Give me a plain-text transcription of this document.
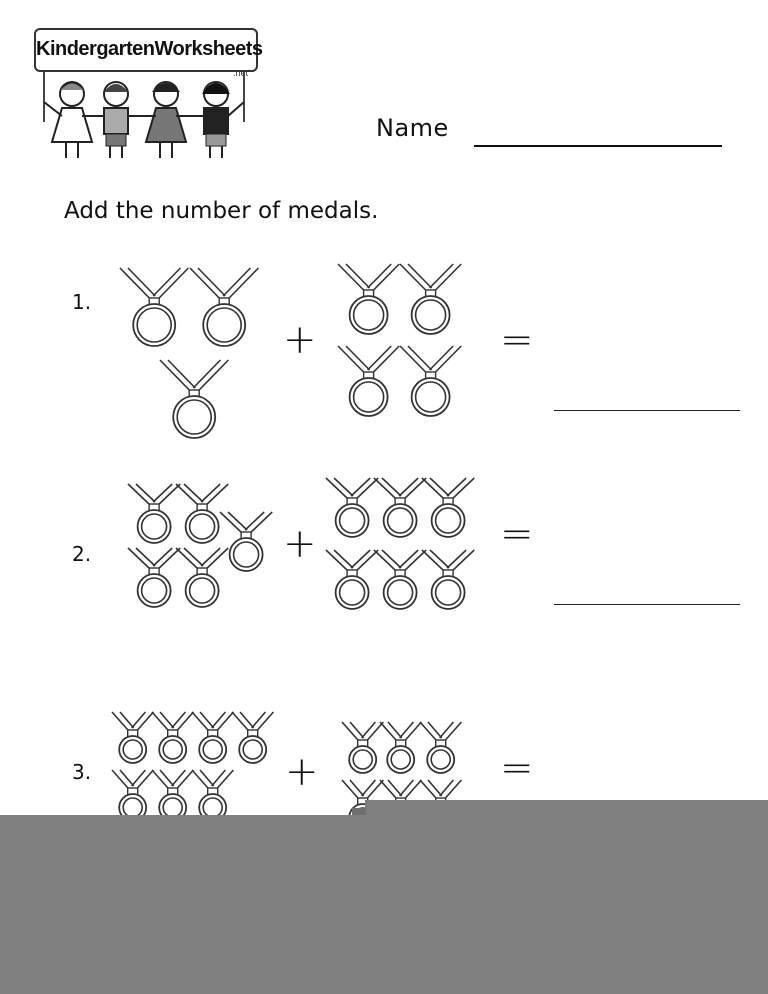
KindergartenWorksheets
.net
Name
Add the number of medals.
1.
+	=
2.	+	=
3.	+	=
